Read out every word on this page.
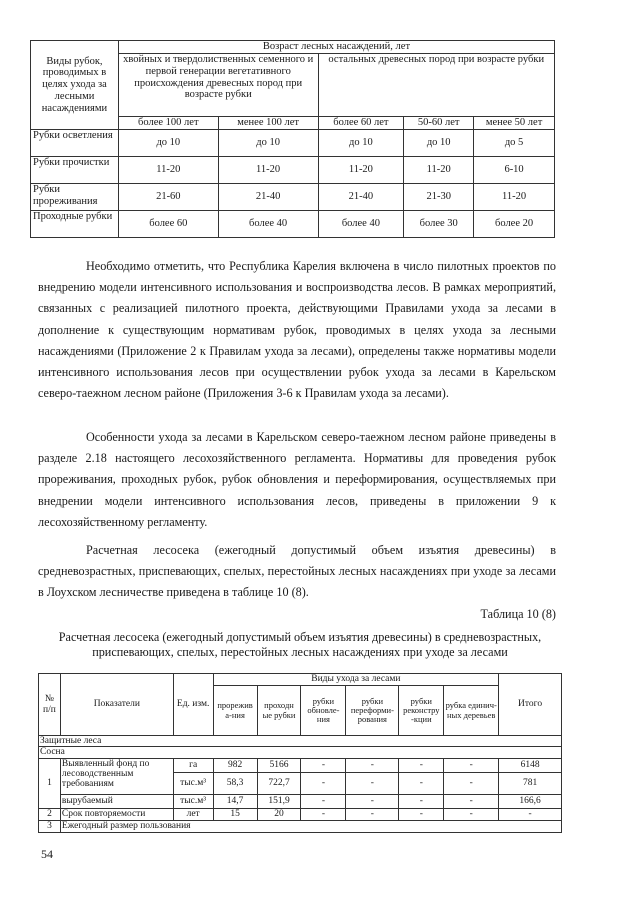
Виды рубок, проводимых в целях ухода за лесными насаждениями	Возраст лесных насаждений, лет				
	хвойных и твердолиственных семенного и первой генерации вегетативного происхождения древесных пород при возрасте рубки		остальных древесных пород при возрасте рубки		
	более 100 лет	менее 100 лет	более 60 лет	50-60 лет	менее 50 лет
Рубки осветления	до 10	до 10	до 10	до 10	до 5
Рубки прочистки	11-20	11-20	11-20	11-20	6-10
Рубки прореживания	21-60	21-40	21-40	21-30	11-20
Проходные рубки	более 60	более 40	более 40	более 30	более 20

Необходимо отметить, что Республика Карелия включена в число пилотных проектов по внедрению модели интенсивного использования и воспроизводства лесов. В рамках мероприятий, связанных с реализацией пилотного проекта, действующими Правилами ухода за лесами в дополнение к существующим нормативам рубок, проводимых в целях ухода за лесными насаждениями (Приложение 2 к Правилам ухода за лесами), определены также нормативы модели интенсивного использования лесов при осуществлении рубок ухода за лесами в Карельском северо-таежном лесном районе (Приложения 3-6 к Правилам ухода за лесами).

Особенности ухода за лесами в Карельском северо-таежном лесном районе приведены в разделе 2.18 настоящего лесохозяйственного регламента. Нормативы для проведения рубок прореживания, проходных рубок, рубок обновления и переформирования, осуществляемых при внедрении модели интенсивного использования лесов, приведены в приложении 9 к лесохозяйственному регламенту.

Расчетная лесосека (ежегодный допустимый объем изъятия древесины) в средневозрастных, приспевающих, спелых, перестойных лесных насаждениях при уходе за лесами в Лоухском лесничестве приведена в таблице 10 (8).

Таблица 10 (8)
Расчетная лесосека (ежегодный допустимый объем изъятия древесины) в средневозрастных, приспевающих, спелых, перестойных лесных насаждениях при уходе за лесами
№ п/п	Показатели	Ед. изм.	Виды ухода за лесами						Итого
			прорежив а-ния	проходн ые рубки	рубки обновле- ния	рубки переформи- рования	рубки реконстру -кции	рубка единич- ных деревьев	
Защитные леса									
Сосна									
1	Выявленный фонд по лесоводственным требованиям	га	982	5166	-	-	-	-	6148
		тыс.м³	58,3	722,7	-	-	-	-	781
	вырубаемый	тыс.м³	14,7	151,9	-	-	-	-	166,6
2	Срок повторяемости	лет	15	20	-	-	-	-	-
3	Ежегодный размер пользования								
54
